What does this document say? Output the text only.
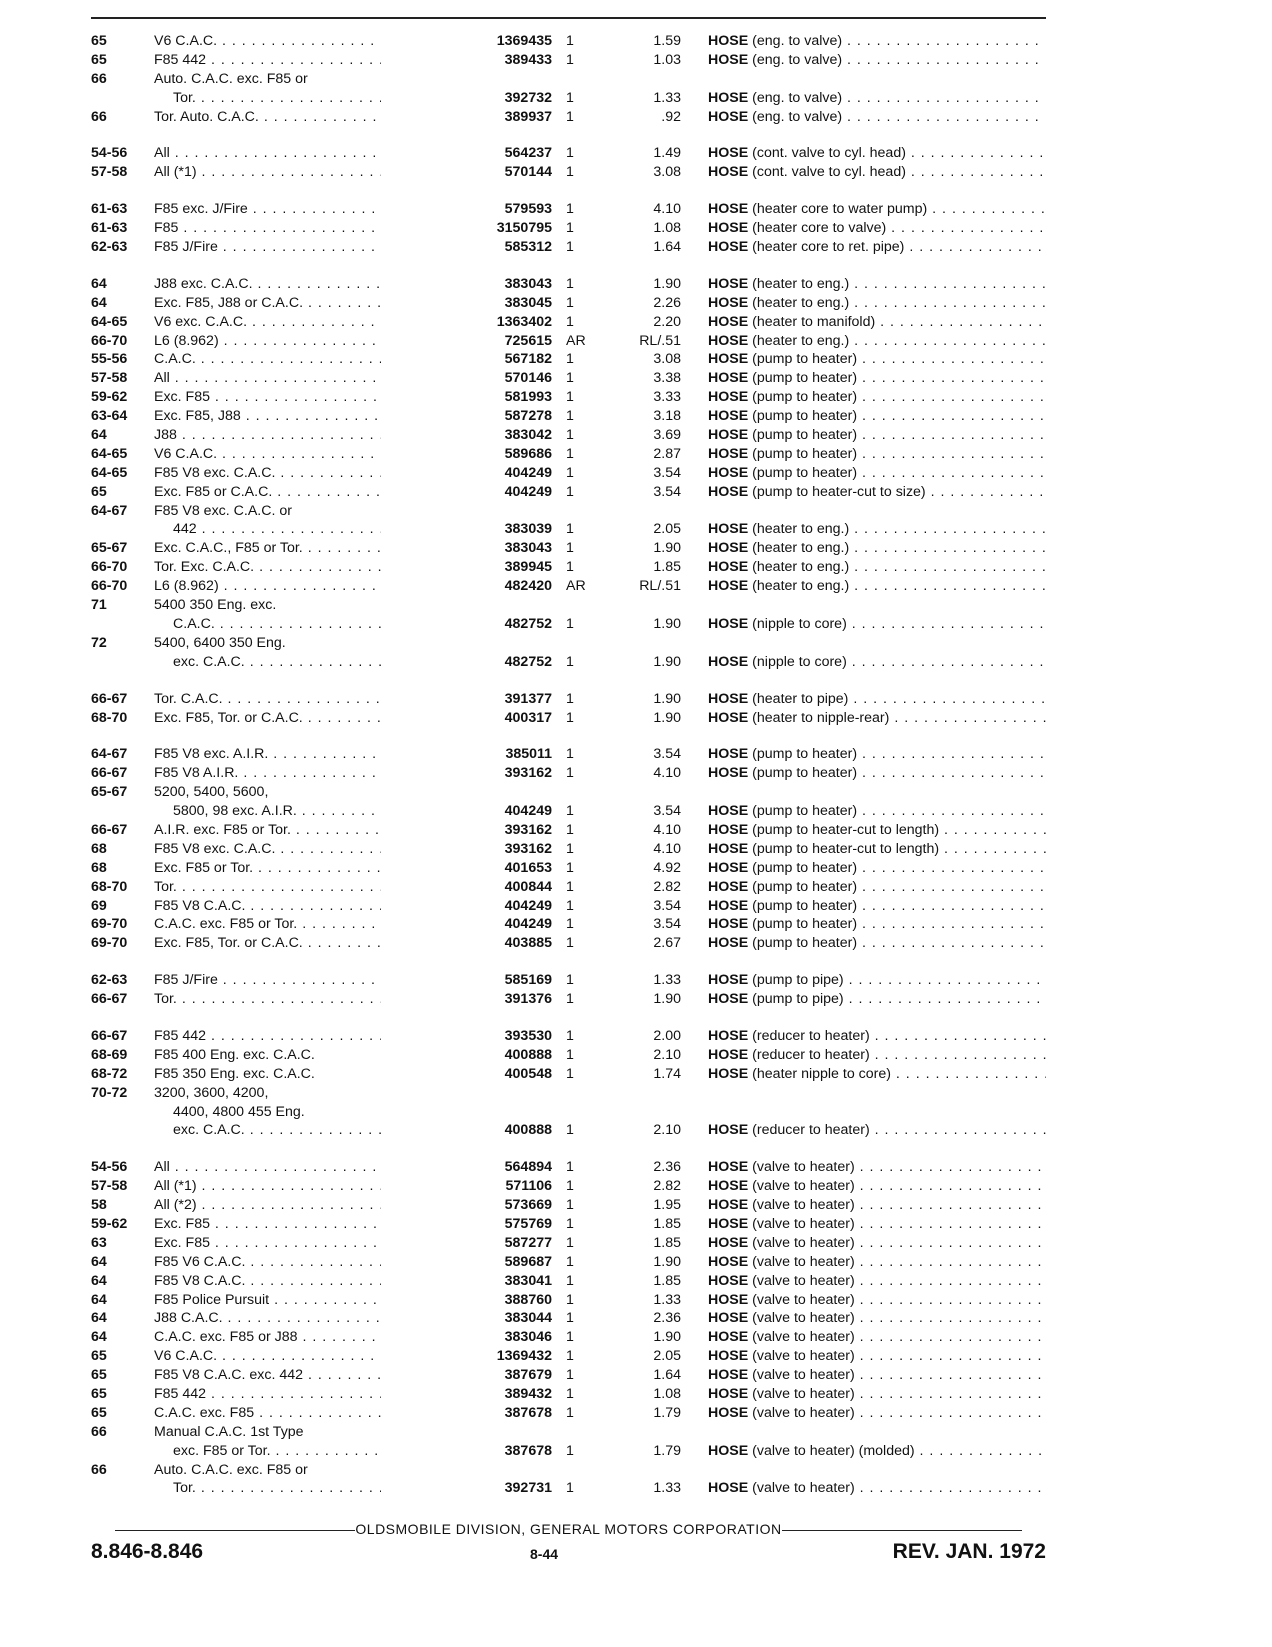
65	V6 C.A.C. . . .	1369435 1	1.59 HOSE (eng. to valve) . . .
65	F85 442 . . .	389433 1	1.03 HOSE (eng. to valve) . . .
66	Auto. C.A.C. exc. F85 or
Tor. . . .	392732 1	1.33 HOSE (eng. to valve) . . .
66	Tor. Auto. C.A.C. . . .	389937 1	.92 HOSE (eng. to valve) . . .
54-56	All . . .	564237 1	1.49 HOSE (cont. valve to cyl. head) . . .
57-58	All (*1) . . .	570144 1	3.08 HOSE (cont. valve to cyl. head) . . .
61-63	F85 exc. J/Fire . . .	579593 1	4.10 HOSE (heater core to water pump) . . .
61-63	F85 . . .	3150795 1	1.08 HOSE (heater core to valve) . . .
62-63	F85 J/Fire . . .	585312 1	1.64 HOSE (heater core to ret. pipe) . . .
64	J88 exc. C.A.C. . . .	383043 1	1.90 HOSE (heater to eng.) . . .
64	Exc. F85, J88 or C.A.C. . . .	383045 1	2.26 HOSE (heater to eng.) . . .
64-65	V6 exc. C.A.C. . . .	1363402 1	2.20 HOSE (heater to manifold) . . .
66-70	L6 (8.962) . . .	725615 AR	RL/.51 HOSE (heater to eng.) . . .
55-56	C.A.C. . . .	567182 1	3.08 HOSE (pump to heater) . . .
57-58	All . . .	570146 1	3.38 HOSE (pump to heater) . . .
59-62	Exc. F85 . . .	581993 1	3.33 HOSE (pump to heater) . . .
63-64	Exc. F85, J88 . . .	587278 1	3.18 HOSE (pump to heater) . . .
64	J88 . . .	383042 1	3.69 HOSE (pump to heater) . . .
64-65	V6 C.A.C. . . .	589686 1	2.87 HOSE (pump to heater) . . .
64-65	F85 V8 exc. C.A.C. . . .	404249 1	3.54 HOSE (pump to heater) . . .
65	Exc. F85 or C.A.C. . . .	404249 1	3.54 HOSE (pump to heater-cut to size) . . .
64-67	F85 V8 exc. C.A.C. or
442 . . .	383039 1	2.05 HOSE (heater to eng.) . . .
65-67	Exc. C.A.C., F85 or Tor. . . .	383043 1	1.90 HOSE (heater to eng.) . . .
66-70	Tor. Exc. C.A.C. . . .	389945 1	1.85 HOSE (heater to eng.) . . .
66-70	L6 (8.962) . . .	482420 AR	RL/.51 HOSE (heater to eng.) . . .
71	5400 350 Eng. exc.
C.A.C. . . .	482752 1	1.90 HOSE (nipple to core) . . .
72	5400, 6400 350 Eng.
exc. C.A.C. . . .	482752 1	1.90 HOSE (nipple to core) . . .
66-67	Tor. C.A.C. . . .	391377 1	1.90 HOSE (heater to pipe) . . .
68-70	Exc. F85, Tor. or C.A.C. . . .	400317 1	1.90 HOSE (heater to nipple-rear) . . .
64-67	F85 V8 exc. A.I.R. . . .	385011 1	3.54 HOSE (pump to heater) . . .
66-67	F85 V8 A.I.R. . . .	393162 1	4.10 HOSE (pump to heater) . . .
65-67	5200, 5400, 5600,
5800, 98 exc. A.I.R. . . .	404249 1	3.54 HOSE (pump to heater) . . .
66-67	A.I.R. exc. F85 or Tor. . . .	393162 1	4.10 HOSE (pump to heater-cut to length) . . .
68	F85 V8 exc. C.A.C. . . .	393162 1	4.10 HOSE (pump to heater-cut to length) . . .
68	Exc. F85 or Tor. . . .	401653 1	4.92 HOSE (pump to heater) . . .
68-70	Tor. . . .	400844 1	2.82 HOSE (pump to heater) . . .
69	F85 V8 C.A.C. . . .	404249 1	3.54 HOSE (pump to heater) . . .
69-70	C.A.C. exc. F85 or Tor. . . .	404249 1	3.54 HOSE (pump to heater) . . .
69-70	Exc. F85, Tor. or C.A.C. . . .	403885 1	2.67 HOSE (pump to heater) . . .
62-63	F85 J/Fire . . .	585169 1	1.33 HOSE (pump to pipe) . . .
66-67	Tor. . . .	391376 1	1.90 HOSE (pump to pipe) . . .
66-67	F85 442 . . .	393530 1	2.00 HOSE (reducer to heater) . . .
68-69	F85 400 Eng. exc. C.A.C.	400888 1	2.10 HOSE (reducer to heater) . . .
68-72	F85 350 Eng. exc. C.A.C.	400548 1	1.74 HOSE (heater nipple to core) . . .
70-72	3200, 3600, 4200,
4400, 4800 455 Eng.
exc. C.A.C. . . .	400888 1	2.10 HOSE (reducer to heater) . . .
54-56	All . . .	564894 1	2.36 HOSE (valve to heater) . . .
57-58	All (*1) . . .	571106 1	2.82 HOSE (valve to heater) . . .
58	All (*2) . . .	573669 1	1.95 HOSE (valve to heater) . . .
59-62	Exc. F85 . . .	575769 1	1.85 HOSE (valve to heater) . . .
63	Exc. F85 . . .	587277 1	1.85 HOSE (valve to heater) . . .
64	F85 V6 C.A.C. . . .	589687 1	1.90 HOSE (valve to heater) . . .
64	F85 V8 C.A.C. . . .	383041 1	1.85 HOSE (valve to heater) . . .
64	F85 Police Pursuit . . .	388760 1	1.33 HOSE (valve to heater) . . .
64	J88 C.A.C. . . .	383044 1	2.36 HOSE (valve to heater) . . .
64	C.A.C. exc. F85 or J88 . . .	383046 1	1.90 HOSE (valve to heater) . . .
65	V6 C.A.C. . . .	1369432 1	2.05 HOSE (valve to heater) . . .
65	F85 V8 C.A.C. exc. 442 . . .	387679 1	1.64 HOSE (valve to heater) . . .
65	F85 442 . . .	389432 1	1.08 HOSE (valve to heater) . . .
65	C.A.C. exc. F85 . . .	387678 1	1.79 HOSE (valve to heater) . . .
66	Manual C.A.C. 1st Type
exc. F85 or Tor. . . .	387678 1	1.79 HOSE (valve to heater) (molded) . . .
66	Auto. C.A.C. exc. F85 or
Tor. . . .	392731 1	1.33 HOSE (valve to heater) . . .
OLDSMOBILE DIVISION, GENERAL MOTORS CORPORATION
8.846-8.846	8-44	REV. JAN. 1972
